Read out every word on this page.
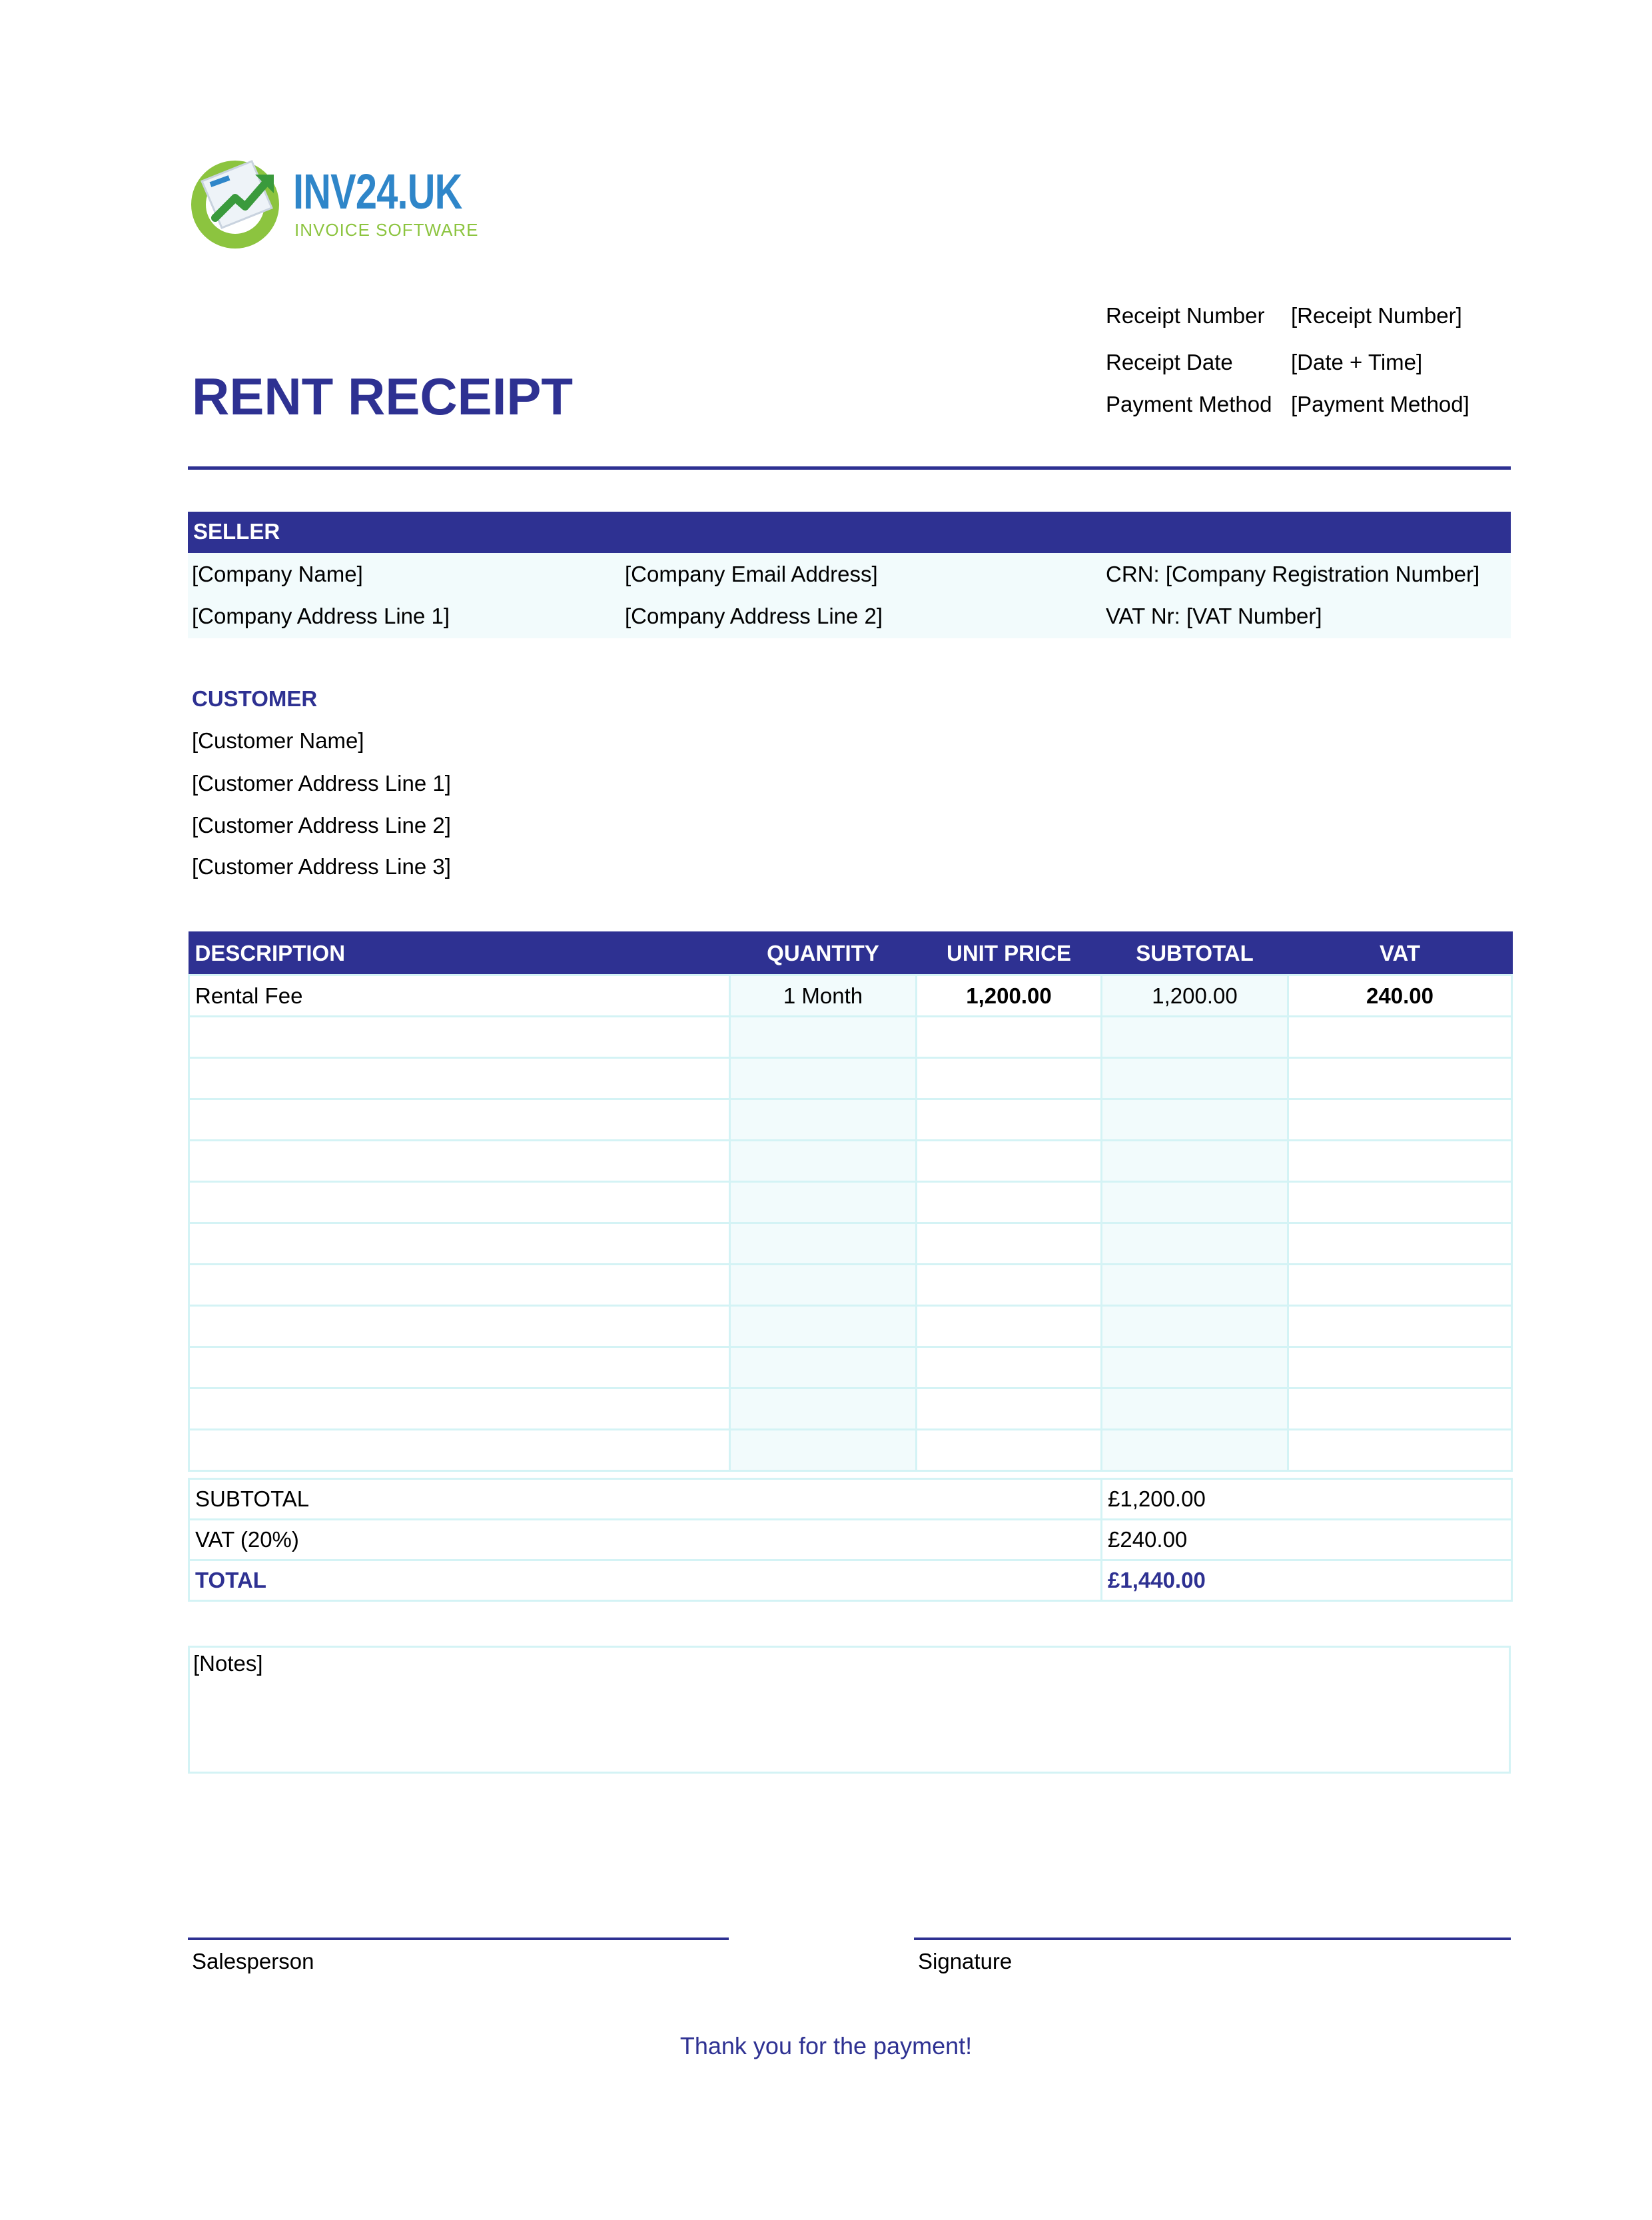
INV24.UK
INVOICE SOFTWARE
Receipt Number [Receipt Number]
Receipt Date	[Date + Time]
Payment Method [Payment Method]
RENT RECEIPT
SELLER
[Company Name]	[Company Email Address]	CRN: [Company Registration Number]
[Company Address Line 1]	[Company Address Line 2]	VAT Nr: [VAT Number]
CUSTOMER
[Customer Name]
[Customer Address Line 1]
[Customer Address Line 2]
[Customer Address Line 3]
DESCRIPTION	QUANTITY	UNIT PRICE	SUBTOTAL	VAT
Rental Fee	1 Month	1,200.00	1,200.00	240.00

SUBTOTAL	£1,200.00
VAT (20%)	£240.00
TOTAL	£1,440.00
[Notes]
Salesperson	Signature
Thank you for the payment!
